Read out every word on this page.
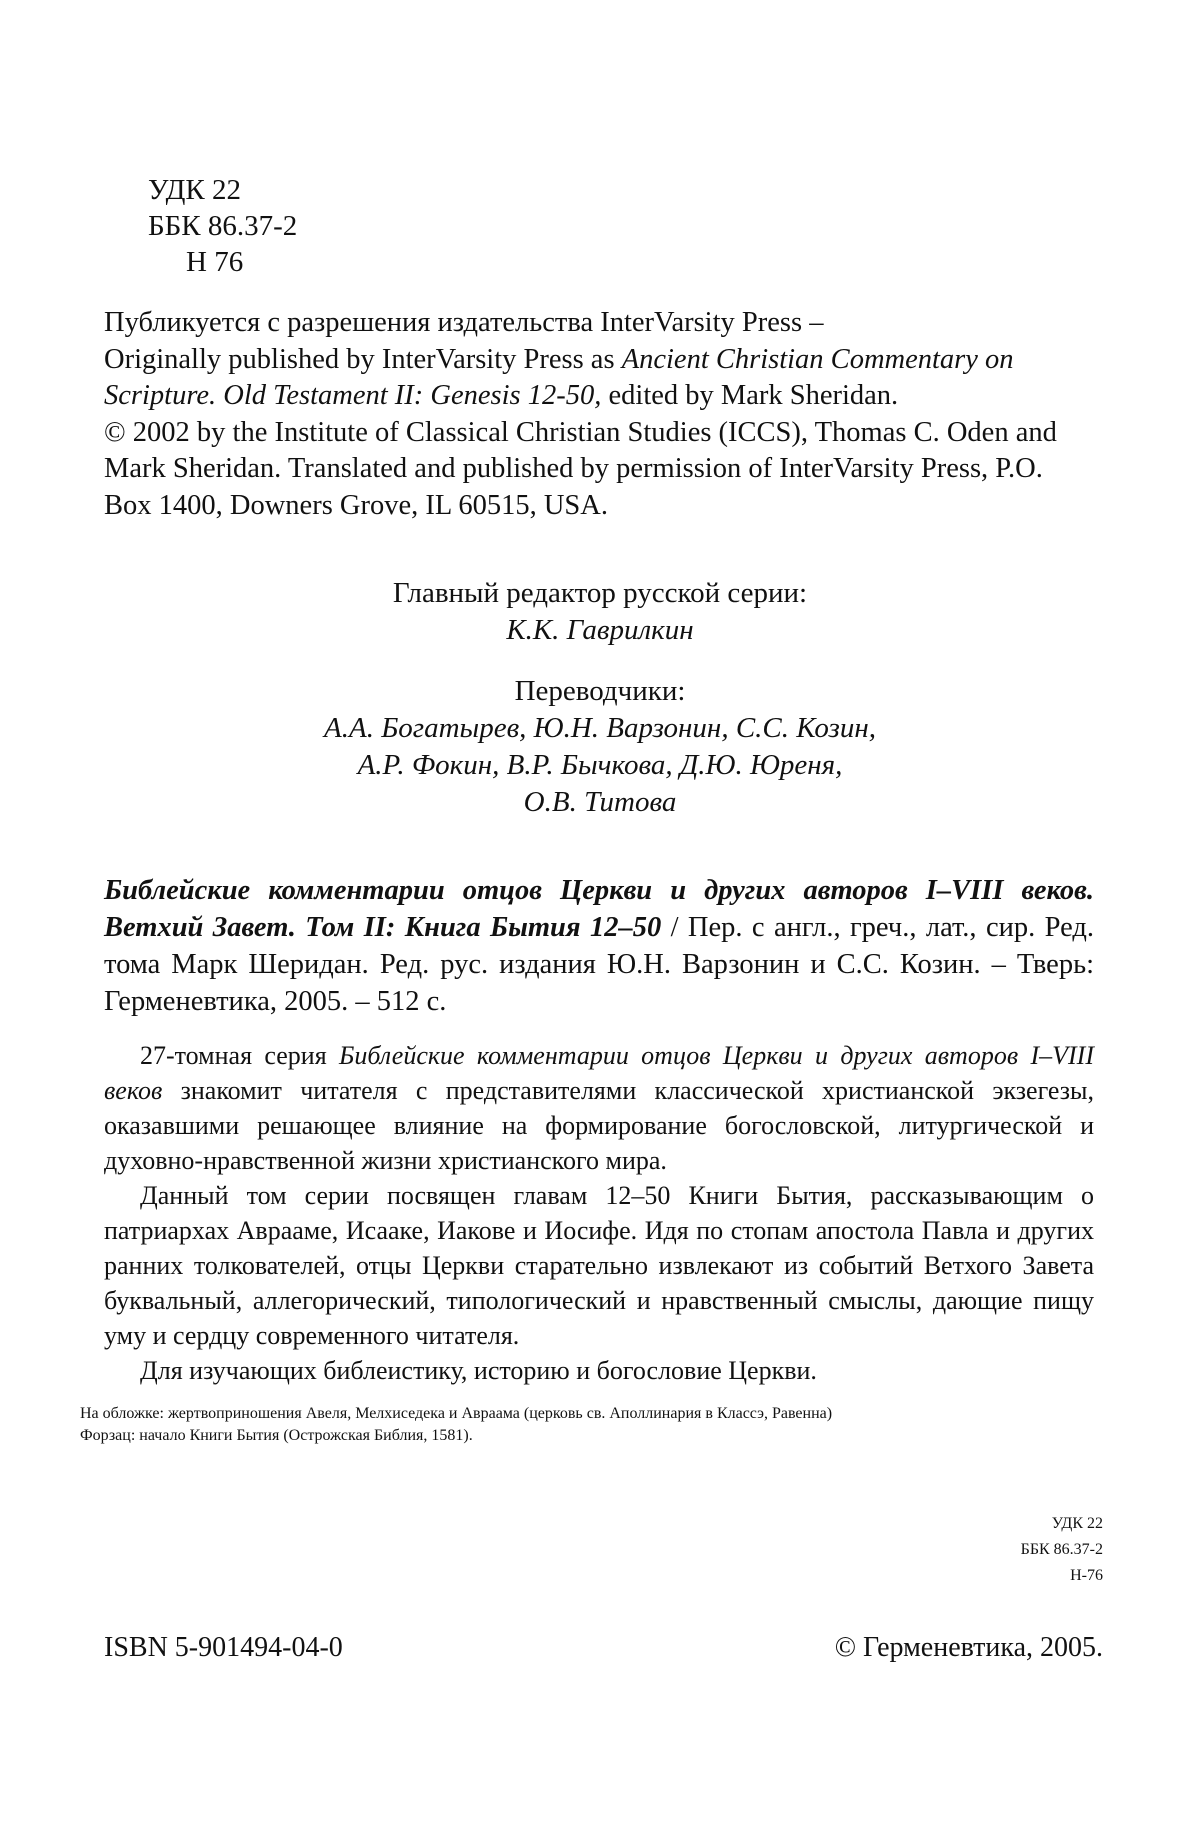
УДК 22
ББК 86.37-2
Н 76

Публикуется с разрешения издательства InterVarsity Press –

Originally published by InterVarsity Press as Ancient Christian Commentary on Scripture. Old Testament II: Genesis 12-50, edited by Mark Sheridan.

© 2002 by the Institute of Classical Christian Studies (ICCS), Thomas C. Oden and Mark Sheridan. Translated and published by permission of InterVarsity Press, P.O. Box 1400, Downers Grove, IL 60515, USA.

Главный редактор русской серии:

К.К. Гаврилкин

Переводчики:

А.А. Богатырев, Ю.Н. Варзонин, С.С. Козин,

А.Р. Фокин, В.Р. Бычкова, Д.Ю. Юреня,

О.В. Титова

Библейские комментарии отцов Церкви и других авторов I–VIII веков. Ветхий Завет. Том II: Книга Бытия 12–50 / Пер. с англ., греч., лат., сир. Ред. тома Марк Шеридан. Ред. рус. издания Ю.Н. Варзонин и С.С. Козин. – Тверь: Герменевтика, 2005. – 512 с.

27-томная серия Библейские комментарии отцов Церкви и других авторов I–VIII веков знакомит читателя с представителями классической христианской экзегезы, оказавшими решающее влияние на формирование богословской, литургической и духовно-нравственной жизни христианского мира.

Данный том серии посвящен главам 12–50 Книги Бытия, рассказывающим о патриархах Аврааме, Исааке, Иакове и Иосифе. Идя по стопам апостола Павла и других ранних толкователей, отцы Церкви старательно извлекают из событий Ветхого Завета буквальный, аллегорический, типологический и нравственный смыслы, дающие пищу уму и сердцу современного читателя.

Для изучающих библеистику, историю и богословие Церкви.

На обложке: жертвоприношения Авеля, Мелхиседека и Авраама (церковь св. Аполлинария в Классэ, Равенна)

Форзац: начало Книги Бытия (Острожская Библия, 1581).

УДК 22
ББК 86.37-2
Н-76
ISBN 5-901494-04-0	© Герменевтика, 2005.
